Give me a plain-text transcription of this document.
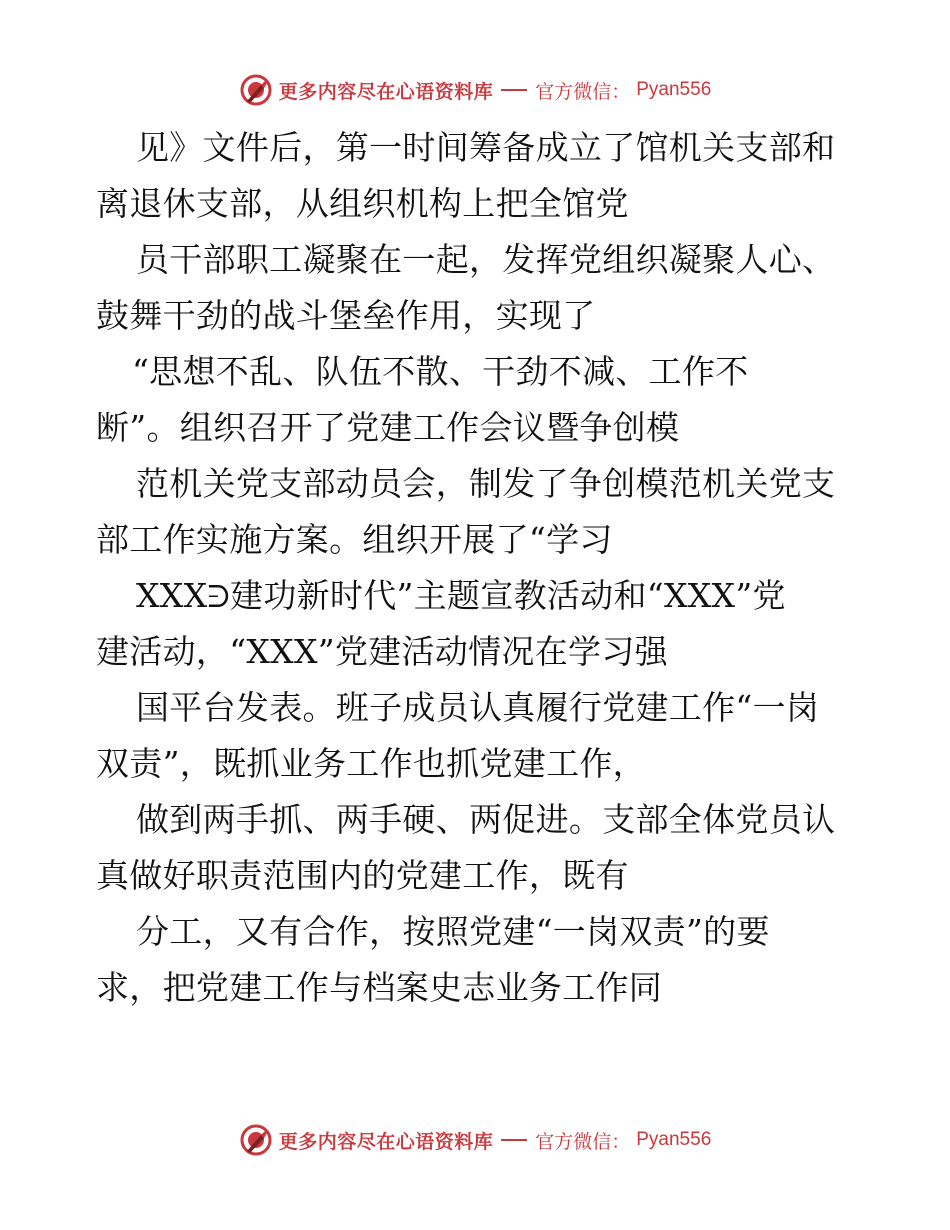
更多内容尽在心语资料库 官方微信： Pyan556
见》文件后，第一时间筹备成立了馆机关支部和
离退休支部，从组织机构上把全馆党
员干部职工凝聚在一起，发挥党组织凝聚人心、
鼓舞干劲的战斗堡垒作用，实现了
“思想不乱、队伍不散、干劲不减、工作不
断”。组织召开了党建工作会议暨争创模
范机关党支部动员会，制发了争创模范机关党支
部工作实施方案。组织开展了“学习
XXXᕭ建功新时代”主题宣教活动和“XXX”党
建活动，“XXX”党建活动情况在学习强
国平台发表。班子成员认真履行党建工作“一岗
双责”，既抓业务工作也抓党建工作，
做到两手抓、两手硬、两促进。支部全体党员认
真做好职责范围内的党建工作，既有
分工，又有合作，按照党建“一岗双责”的要
求，把党建工作与档案史志业务工作同
更多内容尽在心语资料库 官方微信： Pyan556
